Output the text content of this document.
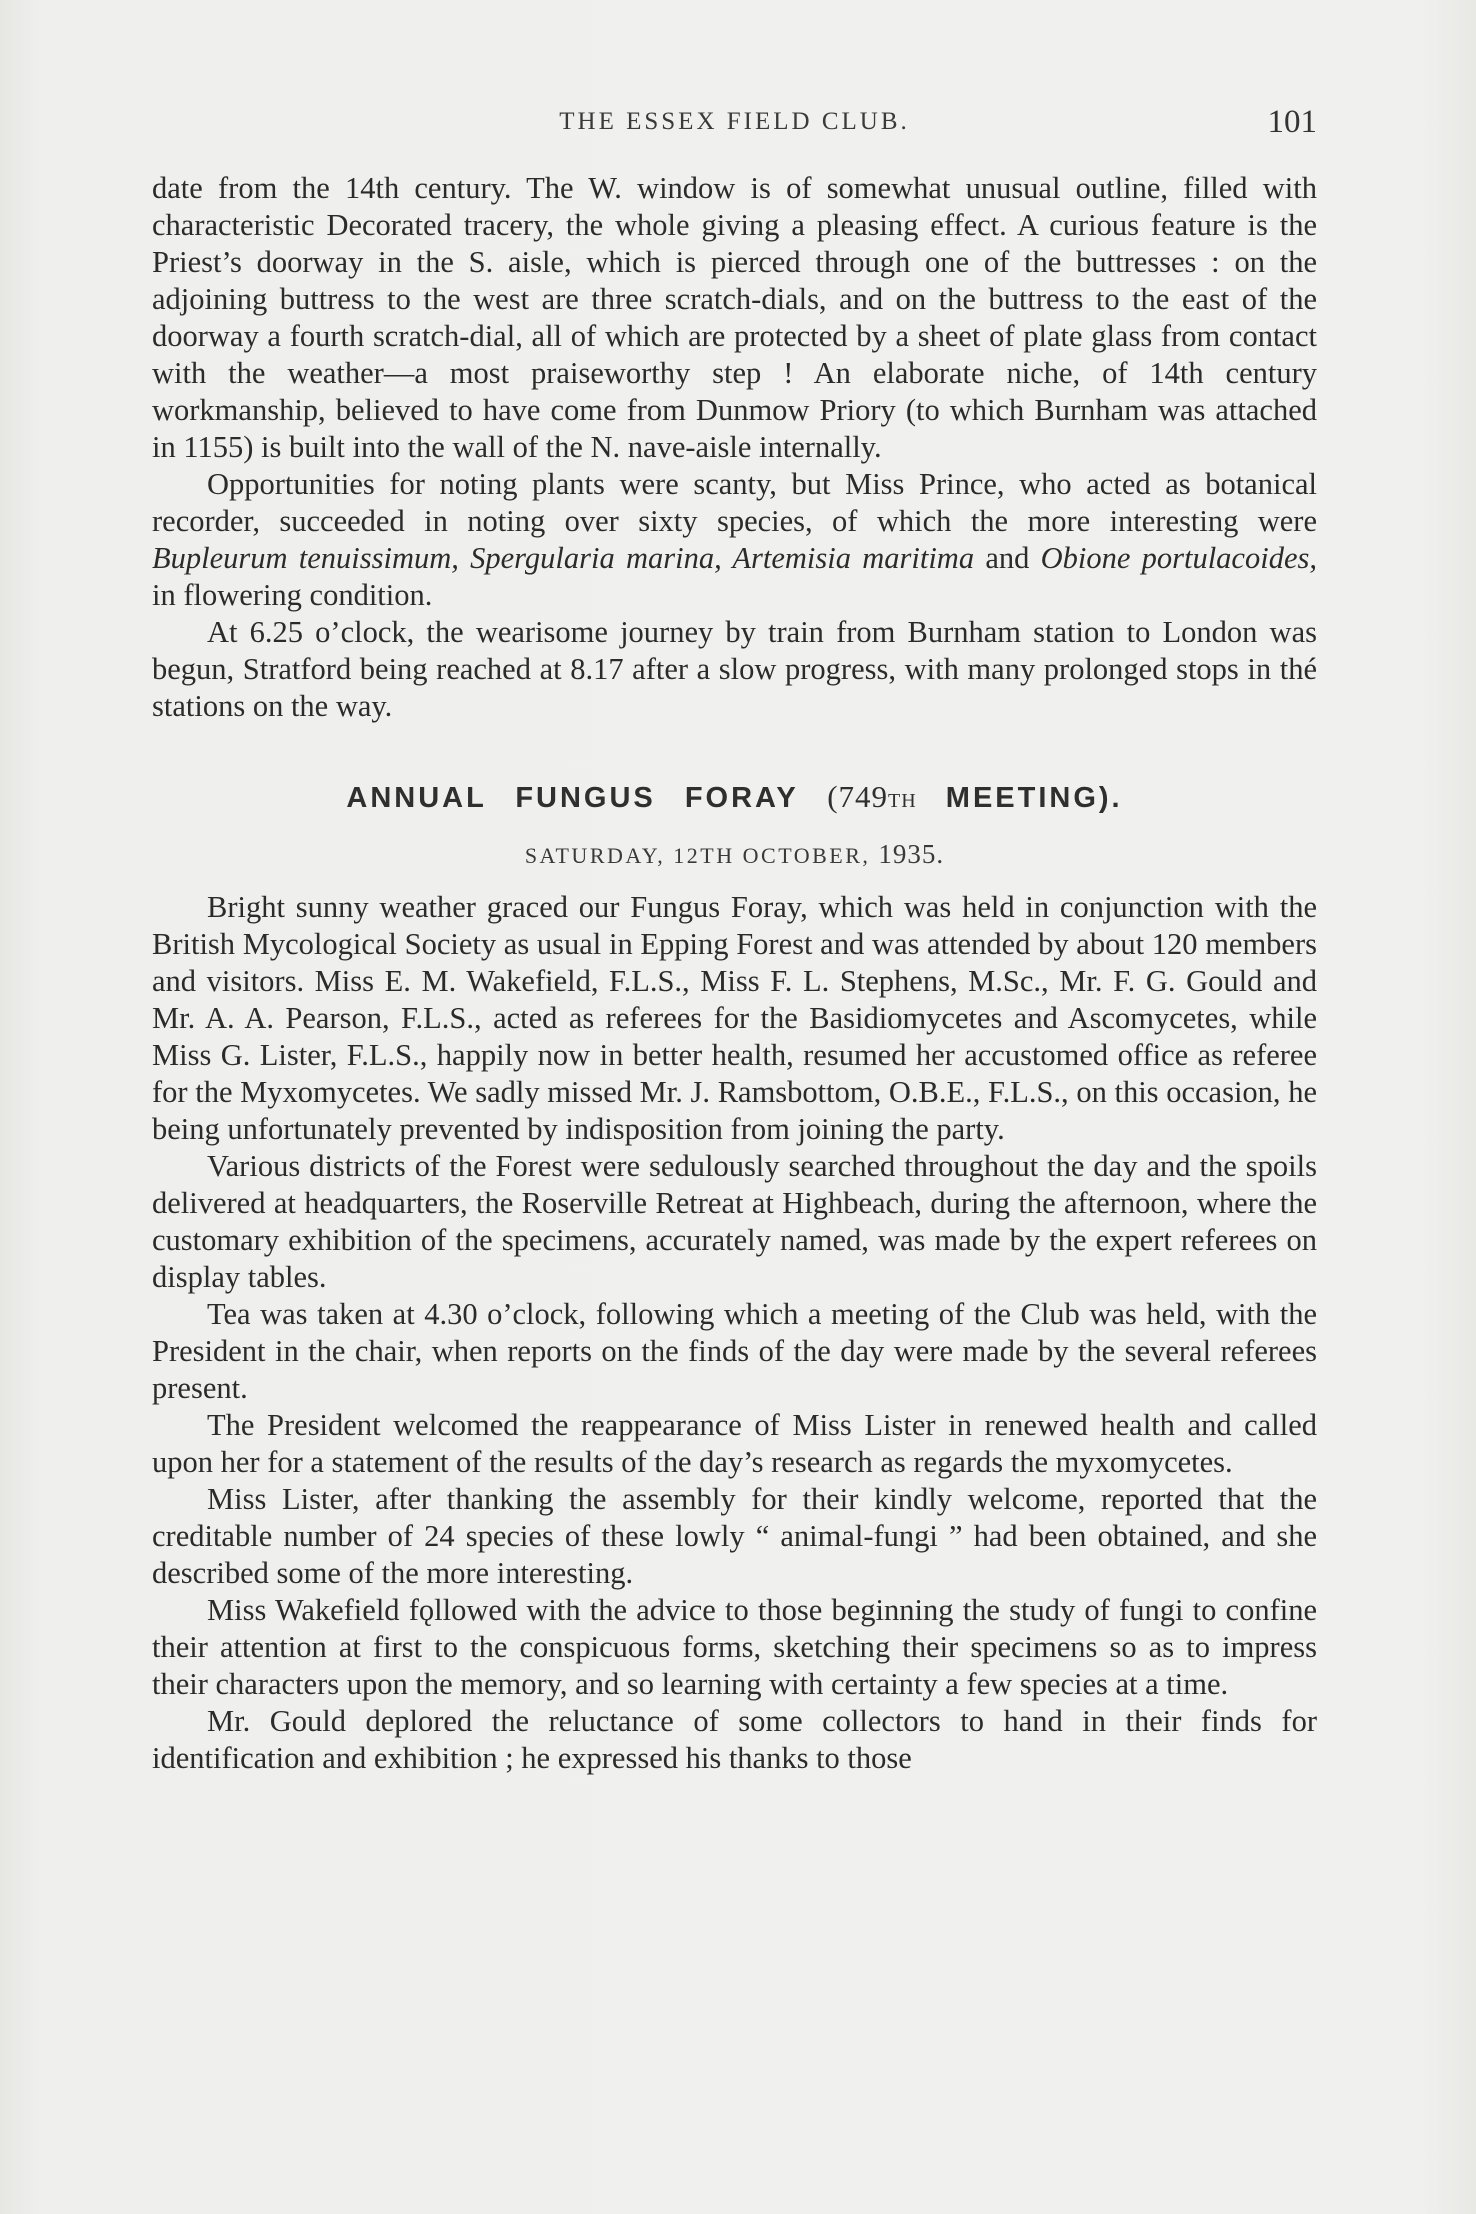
THE ESSEX FIELD CLUB.	101

date from the 14th century. The W. window is of somewhat unusual outline, filled with characteristic Decorated tracery, the whole giving a pleasing effect. A curious feature is the Priest’s doorway in the S. aisle, which is pierced through one of the buttresses : on the adjoining buttress to the west are three scratch-dials, and on the buttress to the east of the doorway a fourth scratch-dial, all of which are protected by a sheet of plate glass from contact with the weather—a most praiseworthy step ! An elaborate niche, of 14th century workmanship, believed to have come from Dunmow Priory (to which Burnham was attached in 1155) is built into the wall of the N. nave-aisle internally.

Opportunities for noting plants were scanty, but Miss Prince, who acted as botanical recorder, succeeded in noting over sixty species, of which the more interesting were Bupleurum tenuissimum, Spergularia marina, Artemisia maritima and Obione portulacoides, in flowering condition.

At 6.25 o’clock, the wearisome journey by train from Burnham station to London was begun, Stratford being reached at 8.17 after a slow progress, with many prolonged stops in thé stations on the way.

ANNUAL FUNGUS FORAY (749TH MEETING).
SATURDAY, 12TH OCTOBER, 1935.

Bright sunny weather graced our Fungus Foray, which was held in conjunction with the British Mycological Society as usual in Epping Forest and was attended by about 120 members and visitors. Miss E. M. Wakefield, F.L.S., Miss F. L. Stephens, M.Sc., Mr. F. G. Gould and Mr. A. A. Pearson, F.L.S., acted as referees for the Basidiomycetes and Ascomycetes, while Miss G. Lister, F.L.S., happily now in better health, resumed her accustomed office as referee for the Myxomycetes. We sadly missed Mr. J. Ramsbottom, O.B.E., F.L.S., on this occasion, he being unfortunately prevented by indisposition from joining the party.

Various districts of the Forest were sedulously searched throughout the day and the spoils delivered at headquarters, the Roserville Retreat at Highbeach, during the afternoon, where the customary exhibition of the specimens, accurately named, was made by the expert referees on display tables.

Tea was taken at 4.30 o’clock, following which a meeting of the Club was held, with the President in the chair, when reports on the finds of the day were made by the several referees present.

The President welcomed the reappearance of Miss Lister in renewed health and called upon her for a statement of the results of the day’s research as regards the myxomycetes.

Miss Lister, after thanking the assembly for their kindly welcome, reported that the creditable number of 24 species of these lowly “ animal-fungi ” had been obtained, and she described some of the more interesting.

Miss Wakefield fǫllowed with the advice to those beginning the study of fungi to confine their attention at first to the conspicuous forms, sketching their specimens so as to impress their characters upon the memory, and so learning with certainty a few species at a time.

Mr. Gould deplored the reluctance of some collectors to hand in their finds for identification and exhibition ; he expressed his thanks to those
